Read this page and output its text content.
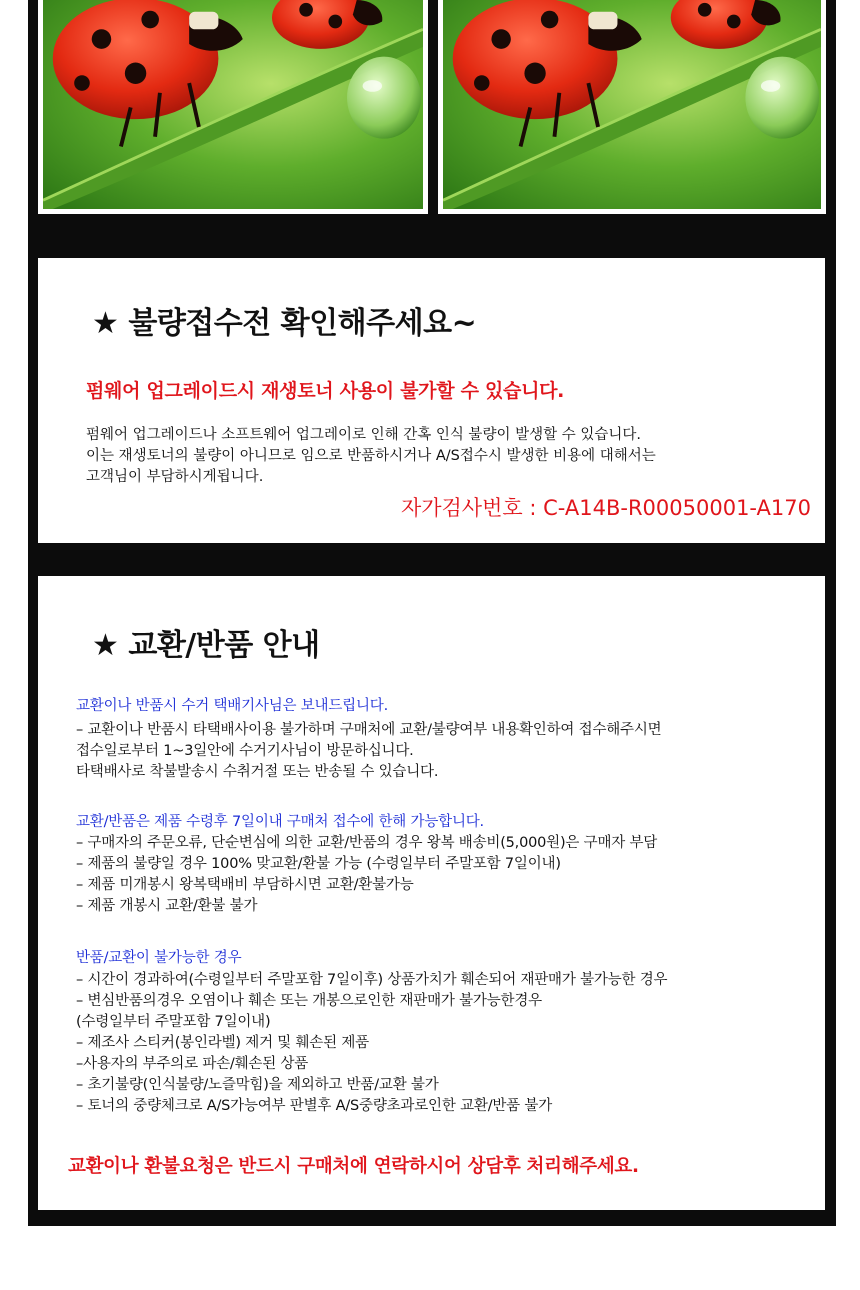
★ 불량접수전 확인해주세요~
펌웨어 업그레이드시 재생토너 사용이 불가할 수 있습니다.
펌웨어 업그레이드나 소프트웨어 업그레이로 인해 간혹 인식 불량이 발생할 수 있습니다.
이는 재생토너의 불량이 아니므로 임으로 반품하시거나 A/S접수시 발생한 비용에 대해서는
고객님이 부담하시게됩니다.
자가검사번호 : C-A14B-R00050001-A170
★ 교환/반품 안내
교환이나 반품시 수거 택배기사님은 보내드립니다.
– 교환이나 반품시 타택배사이용 불가하며 구매처에 교환/불량여부 내용확인하여 접수해주시면
접수일로부터 1~3일안에 수거기사님이 방문하십니다.
타택배사로 착불발송시 수취거절 또는 반송될 수 있습니다.
교환/반품은 제품 수령후 7일이내 구매처 접수에 한해 가능합니다.
– 구매자의 주문오류, 단순변심에 의한 교환/반품의 경우 왕복 배송비(5,000원)은 구매자 부담
– 제품의 불량일 경우 100% 맞교환/환불 가능 (수령일부터 주말포함 7일이내)
– 제품 미개봉시 왕복택배비 부담하시면 교환/환불가능
– 제품 개봉시 교환/환불 불가
반품/교환이 불가능한 경우
– 시간이 경과하여(수령일부터 주말포함 7일이후) 상품가치가 훼손되어 재판매가 불가능한 경우
– 변심반품의경우 오염이나 훼손 또는 개봉으로인한 재판매가 불가능한경우
(수령일부터 주말포함 7일이내)
– 제조사 스티커(봉인라벨) 제거 및 훼손된 제품
–사용자의 부주의로 파손/훼손된 상품
– 초기불량(인식불량/노즐막힘)을 제외하고 반품/교환 불가
– 토너의 중량체크로 A/S가능여부 판별후 A/S중량초과로인한 교환/반품 불가
교환이나 환불요청은 반드시 구매처에 연락하시어 상담후 처리해주세요.
